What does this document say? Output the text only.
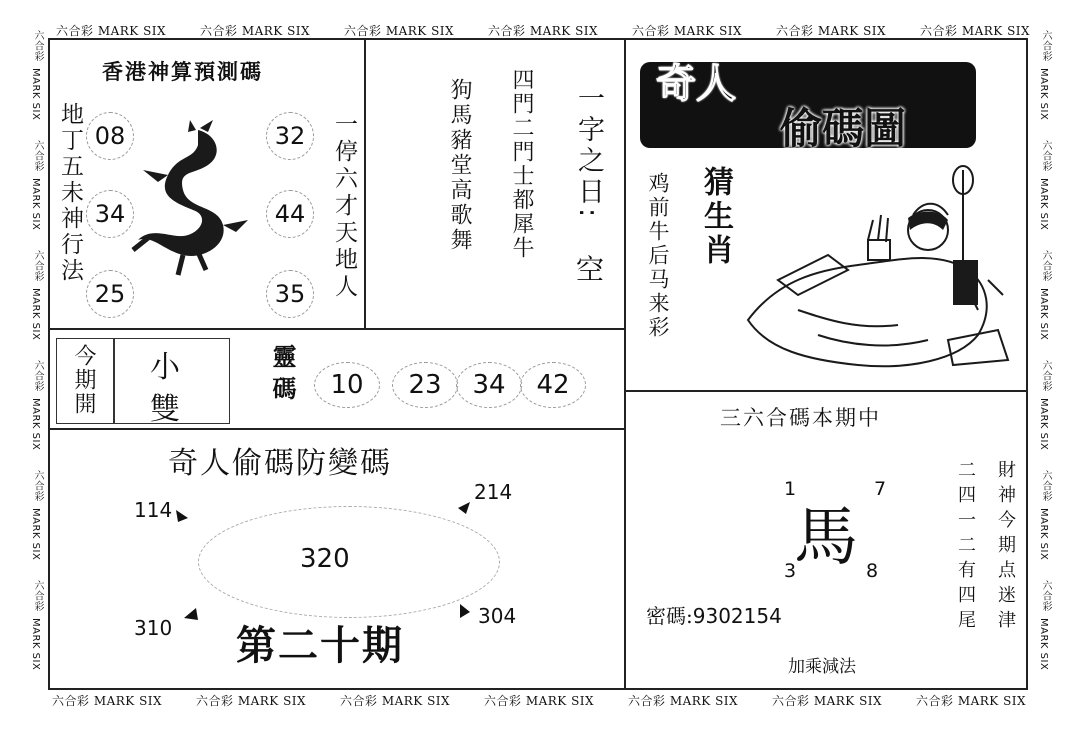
六合彩 MARK SIX	六合彩 MARK SIX	六合彩 MARK SIX	六合彩 MARK SIX	六合彩 MARK SIX	六合彩 MARK SIX	六合彩 MARK SIX
六合彩 MARK SIX	六合彩 MARK SIX	六合彩 MARK SIX	六合彩 MARK SIX	六合彩 MARK SIX	六合彩 MARK SIX	六合彩 MARK SIX
六合彩
MARK SIX
六合彩
MARK SIX
六合彩
MARK SIX
六合彩
MARK SIX
六合彩
MARK SIX
六合彩
MARK SIX
六合彩
MARK SIX
六合彩
MARK SIX
六合彩
MARK SIX
六合彩
MARK SIX
六合彩
MARK SIX
六合彩
MARK SIX
香港神算預測碼
地丁五未神行法	一停六才天地人
08
34
25
32
44
35
狗馬豬堂高歌舞 四門二門士都犀牛 一字之日:
空
奇人
偷碼圖
猜生肖
鸡前牛后马来彩
今期開 小
雙
靈碼	10	23	34	42
奇人偷碼防變碼
114
214
320
310	304
第二十期
三六合碼本期中
1	7
馬
3	8
密碼:9302154
加乘減法
財神今期点迷津
二四一二有四尾
